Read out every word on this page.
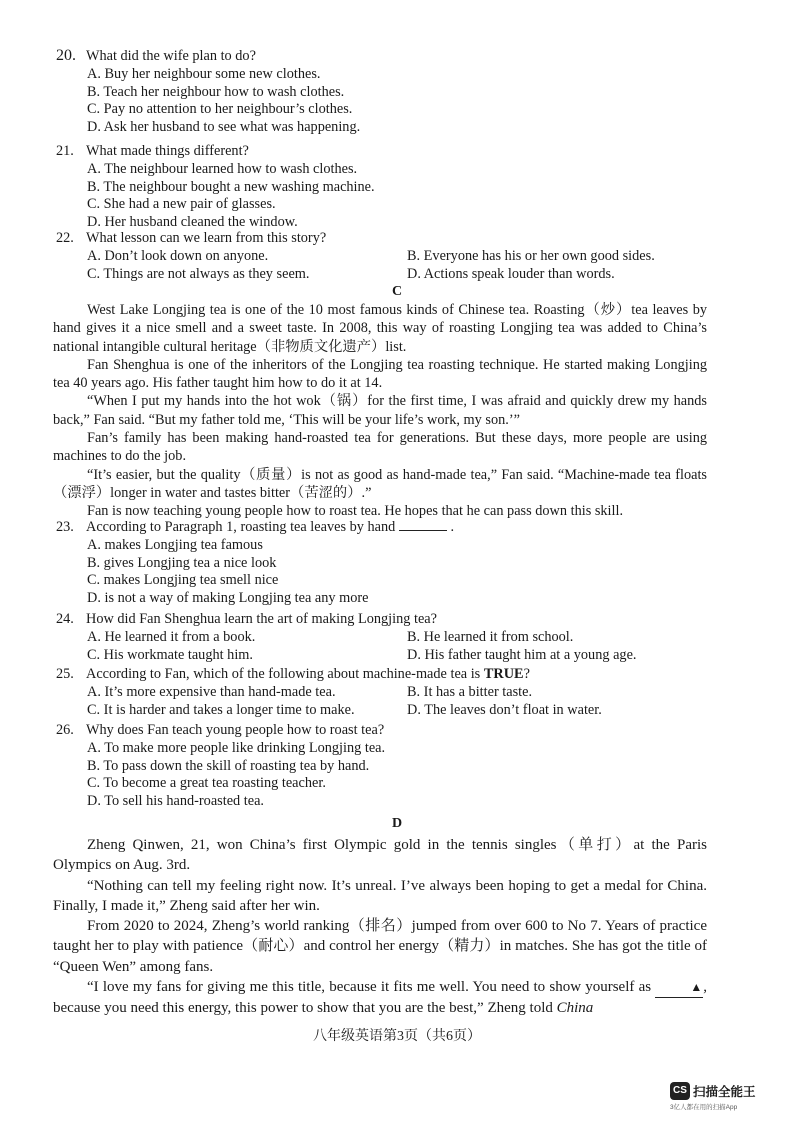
20. What did the wife plan to do?
A. Buy her neighbour some new clothes.
B. Teach her neighbour how to wash clothes.
C. Pay no attention to her neighbour’s clothes.
D. Ask her husband to see what was happening.
21. What made things different?
A. The neighbour learned how to wash clothes.
B. The neighbour bought a new washing machine.
C. She had a new pair of glasses.
D. Her husband cleaned the window.
22. What lesson can we learn from this story?
A. Don’t look down on anyone.	B. Everyone has his or her own good sides.
C. Things are not always as they seem.	D. Actions speak louder than words.
C
West Lake Longjing tea is one of the 10 most famous kinds of Chinese tea. Roasting（炒）tea leaves by hand gives it a nice smell and a sweet taste. In 2008, this way of roasting Longjing tea was added to China’s national intangible cultural heritage（非物质文化遗产）list.
Fan Shenghua is one of the inheritors of the Longjing tea roasting technique. He started making Longjing tea 40 years ago. His father taught him how to do it at 14.
“When I put my hands into the hot wok（锅）for the first time, I was afraid and quickly drew my hands back,” Fan said. “But my father told me, ‘This will be your life’s work, my son.’”
Fan’s family has been making hand-roasted tea for generations. But these days, more people are using machines to do the job.
“It’s easier, but the quality（质量）is not as good as hand-made tea,” Fan said. “Machine-made tea floats（漂浮）longer in water and tastes bitter（苦涩的）.”
Fan is now teaching young people how to roast tea. He hopes that he can pass down this skill.
23. According to Paragraph 1, roasting tea leaves by hand	.
A. makes Longjing tea famous
B. gives Longjing tea a nice look
C. makes Longjing tea smell nice
D. is not a way of making Longjing tea any more
24. How did Fan Shenghua learn the art of making Longjing tea?
A. He learned it from a book.	B. He learned it from school.
C. His workmate taught him.	D. His father taught him at a young age.
25. According to Fan, which of the following about machine-made tea is TRUE?
A. It’s more expensive than hand-made tea.	B. It has a bitter taste.
C. It is harder and takes a longer time to make.	D. The leaves don’t float in water.
26. Why does Fan teach young people how to roast tea?
A. To make more people like drinking Longjing tea.
B. To pass down the skill of roasting tea by hand.
C. To become a great tea roasting teacher.
D. To sell his hand-roasted tea.
D
Zheng Qinwen, 21, won China’s first Olympic gold in the tennis singles（单打）at the Paris Olympics on Aug. 3rd.
“Nothing can tell my feeling right now. It’s unreal. I’ve always been hoping to get a medal for China. Finally, I made it,” Zheng said after her win.
From 2020 to 2024, Zheng’s world ranking（排名）jumped from over 600 to No 7. Years of practice taught her to play with patience（耐心）and control her energy（精力）in matches. She has got the title of “Queen Wen” among fans.
“I love my fans for giving me this title, because it fits me well. You need to show yourself as	▲, because you need this energy, this power to show that you are the best,” Zheng told China
八年级英语第3页（共6页）
CS 扫描全能王
3亿人都在用的扫描App
